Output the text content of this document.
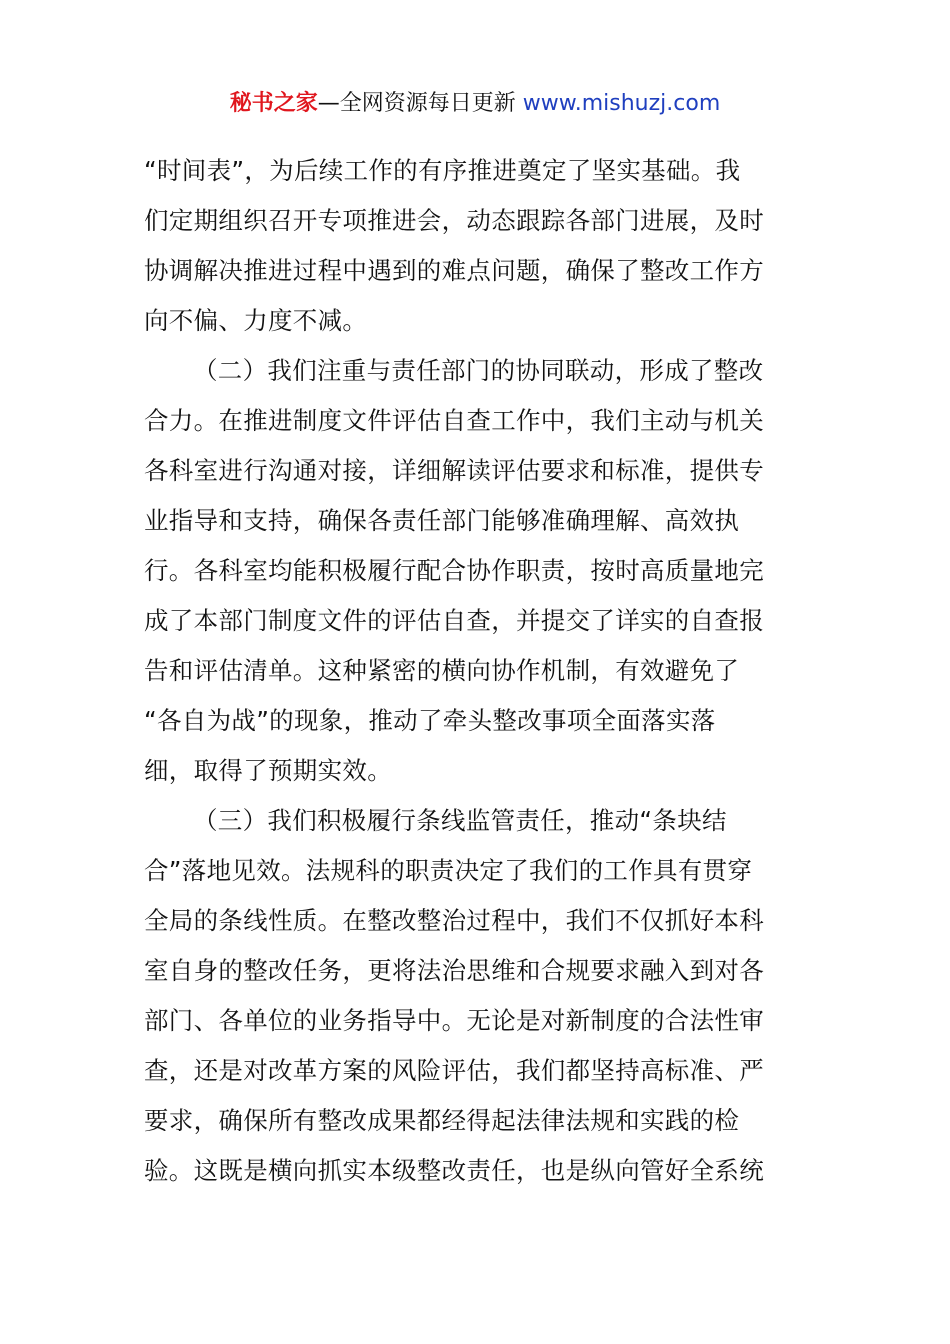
秘书之家—全网资源每日更新 www.mishuzj.com
“时间表”，为后续工作的有序推进奠定了坚实基础。我
们定期组织召开专项推进会，动态跟踪各部门进展，及时
协调解决推进过程中遇到的难点问题，确保了整改工作方
向不偏、力度不减。
（二）我们注重与责任部门的协同联动，形成了整改
合力。在推进制度文件评估自查工作中，我们主动与机关
各科室进行沟通对接，详细解读评估要求和标准，提供专
业指导和支持，确保各责任部门能够准确理解、高效执
行。各科室均能积极履行配合协作职责，按时高质量地完
成了本部门制度文件的评估自查，并提交了详实的自查报
告和评估清单。这种紧密的横向协作机制，有效避免了
“各自为战”的现象，推动了牵头整改事项全面落实落
细，取得了预期实效。
（三）我们积极履行条线监管责任，推动“条块结
合”落地见效。法规科的职责决定了我们的工作具有贯穿
全局的条线性质。在整改整治过程中，我们不仅抓好本科
室自身的整改任务，更将法治思维和合规要求融入到对各
部门、各单位的业务指导中。无论是对新制度的合法性审
查，还是对改革方案的风险评估，我们都坚持高标准、严
要求，确保所有整改成果都经得起法律法规和实践的检
验。这既是横向抓实本级整改责任，也是纵向管好全系统
